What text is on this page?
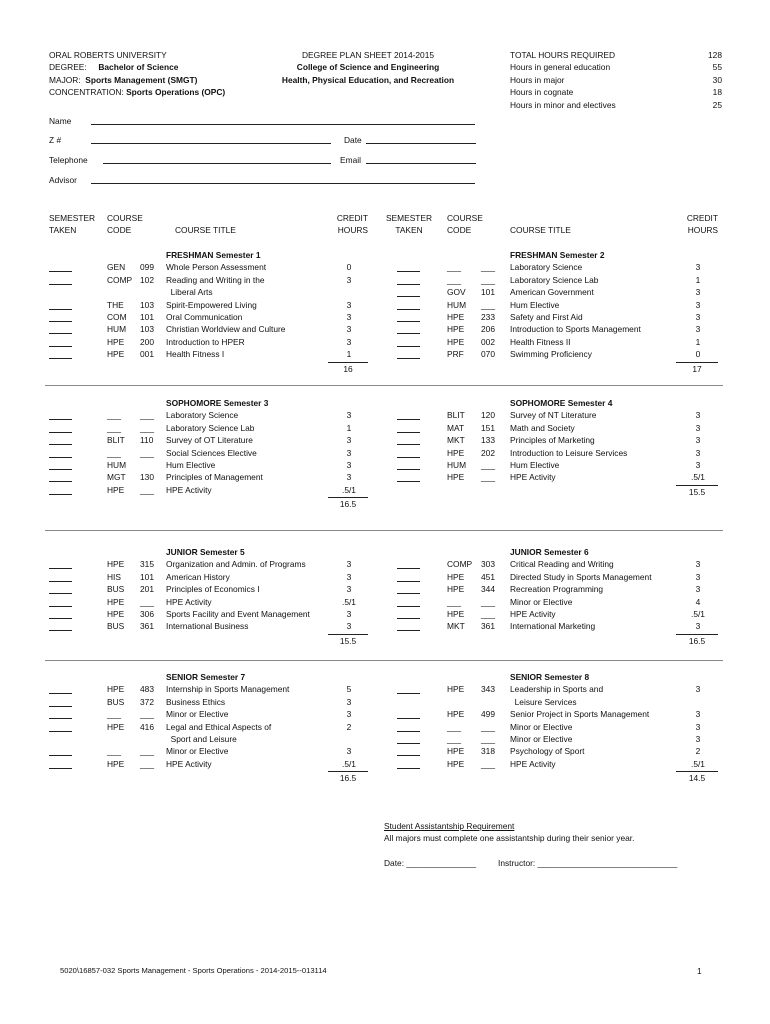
ORAL ROBERTS UNIVERSITY
DEGREE: Bachelor of Science
MAJOR: Sports Management (SMGT)
CONCENTRATION: Sports Operations (OPC)
DEGREE PLAN SHEET 2014-2015
College of Science and Engineering
Health, Physical Education, and Recreation
TOTAL HOURS REQUIRED	128
Hours in general education	55
Hours in major	30
Hours in cognate	18
Hours in minor and electives	25
Name
Z #	Date
Telephone	Email
Advisor
SEMESTER
TAKEN
COURSE
CODE	COURSE TITLE
CREDIT
HOURS
SEMESTER
TAKEN
COURSE
CODE	COURSE TITLE
CREDIT
HOURS
FRESHMAN Semester 1
GEN 099 Whole Person Assessment	0
COMP 102 Reading and Writing in the	3
Liberal Arts
THE 103 Spirit-Empowered Living	3
COM 101 Oral Communication	3
HUM 103 Christian Worldview and Culture	3
HPE 200 Introduction to HPER	3
HPE 001 Health Fitness I	1
16
FRESHMAN Semester 2
___ ___ Laboratory Science	3
___ ___ Laboratory Science Lab	1
GOV 101 American Government	3
HUM ___ Hum Elective	3
HPE 233 Safety and First Aid	3
HPE 206 Introduction to Sports Management	3
HPE 002 Health Fitness II	1
PRF 070 Swimming Proficiency	0
17
SOPHOMORE Semester 3
___ ___ Laboratory Science	3
___ ___ Laboratory Science Lab	1
BLIT 110 Survey of OT Literature	3
___ ___ Social Sciences Elective	3
HUM	Hum Elective	3
MGT 130 Principles of Management	3
HPE ___ HPE Activity	.5/1
16.5
SOPHOMORE Semester 4
BLIT 120 Survey of NT Literature	3
MAT 151 Math and Society	3
MKT 133 Principles of Marketing	3
HPE 202 Introduction to Leisure Services	3
HUM ___ Hum Elective	3
HPE ___ HPE Activity	.5/1
15.5
JUNIOR Semester 5
HPE 315 Organization and Admin. of Programs	3
HIS 101 American History	3
BUS 201 Principles of Economics I	3
HPE ___ HPE Activity	.5/1
HPE 306 Sports Facility and Event Management	3
BUS 361 International Business	3
15.5
JUNIOR Semester 6
COMP 303 Critical Reading and Writing	3
HPE 451 Directed Study in Sports Management	3
HPE 344 Recreation Programming	3
___ ___ Minor or Elective	4
HPE ___ HPE Activity	.5/1
MKT 361 International Marketing	3
16.5
SENIOR Semester 7
HPE 483 Internship in Sports Management	5
BUS 372 Business Ethics	3
___ ___ Minor or Elective	3
HPE 416 Legal and Ethical Aspects of	2
Sport and Leisure
___ ___ Minor or Elective	3
HPE ___ HPE Activity	.5/1
16.5
SENIOR Semester 8
HPE 343 Leadership in Sports and	3
Leisure Services
HPE 499 Senior Project in Sports Management	3
___ ___ Minor or Elective	3
___ ___ Minor or Elective	3
HPE 318 Psychology of Sport	2
HPE ___ HPE Activity	.5/1
14.5
Student Assistantship Requirement
All majors must complete one assistantship during their senior year.
Date: _______________	Instructor: ______________________________
5020\16857-032 Sports Management - Sports Operations - 2014-2015--013114	1
